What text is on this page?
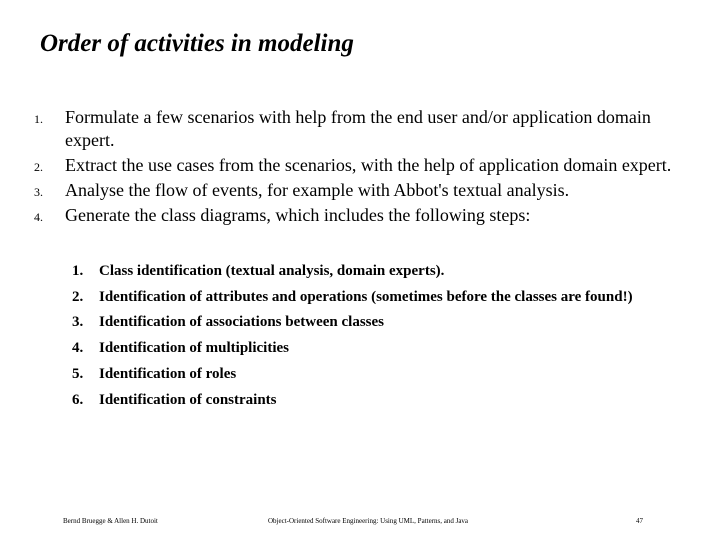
Order of activities in modeling
1. Formulate a few scenarios with help from the end user and/or application domain expert.
2. Extract the use cases from the scenarios, with the help of application domain expert.
3. Analyse the flow of events, for example with Abbot's textual analysis.
4. Generate the class diagrams, which includes the following steps:
1. Class identification (textual analysis, domain experts).
2. Identification of attributes and operations (sometimes before the classes are found!)
3. Identification of associations between classes
4. Identification of multiplicities
5. Identification of roles
6. Identification of constraints
Bernd Bruegge & Allen H. Dutoit	Object-Oriented Software Engineering: Using UML, Patterns, and Java	47
